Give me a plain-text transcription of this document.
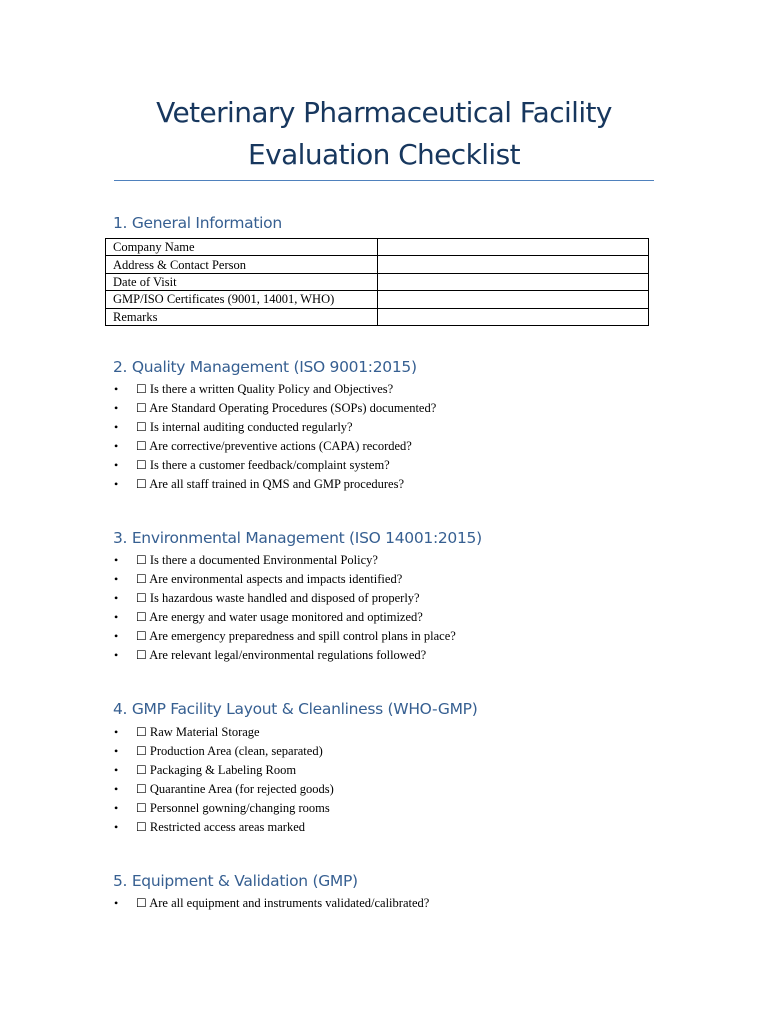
Veterinary Pharmaceutical Facility
Evaluation Checklist
1. General Information
Company Name	
Address & Contact Person	
Date of Visit	
GMP/ISO Certificates (9001, 14001, WHO)	
Remarks	
2. Quality Management (ISO 9001:2015)
• ☐ Is there a written Quality Policy and Objectives?
• ☐ Are Standard Operating Procedures (SOPs) documented?
• ☐ Is internal auditing conducted regularly?
• ☐ Are corrective/preventive actions (CAPA) recorded?
• ☐ Is there a customer feedback/complaint system?
• ☐ Are all staff trained in QMS and GMP procedures?
3. Environmental Management (ISO 14001:2015)
• ☐ Is there a documented Environmental Policy?
• ☐ Are environmental aspects and impacts identified?
• ☐ Is hazardous waste handled and disposed of properly?
• ☐ Are energy and water usage monitored and optimized?
• ☐ Are emergency preparedness and spill control plans in place?
• ☐ Are relevant legal/environmental regulations followed?
4. GMP Facility Layout & Cleanliness (WHO-GMP)
• ☐ Raw Material Storage
• ☐ Production Area (clean, separated)
• ☐ Packaging & Labeling Room
• ☐ Quarantine Area (for rejected goods)
• ☐ Personnel gowning/changing rooms
• ☐ Restricted access areas marked
5. Equipment & Validation (GMP)
• ☐ Are all equipment and instruments validated/calibrated?
